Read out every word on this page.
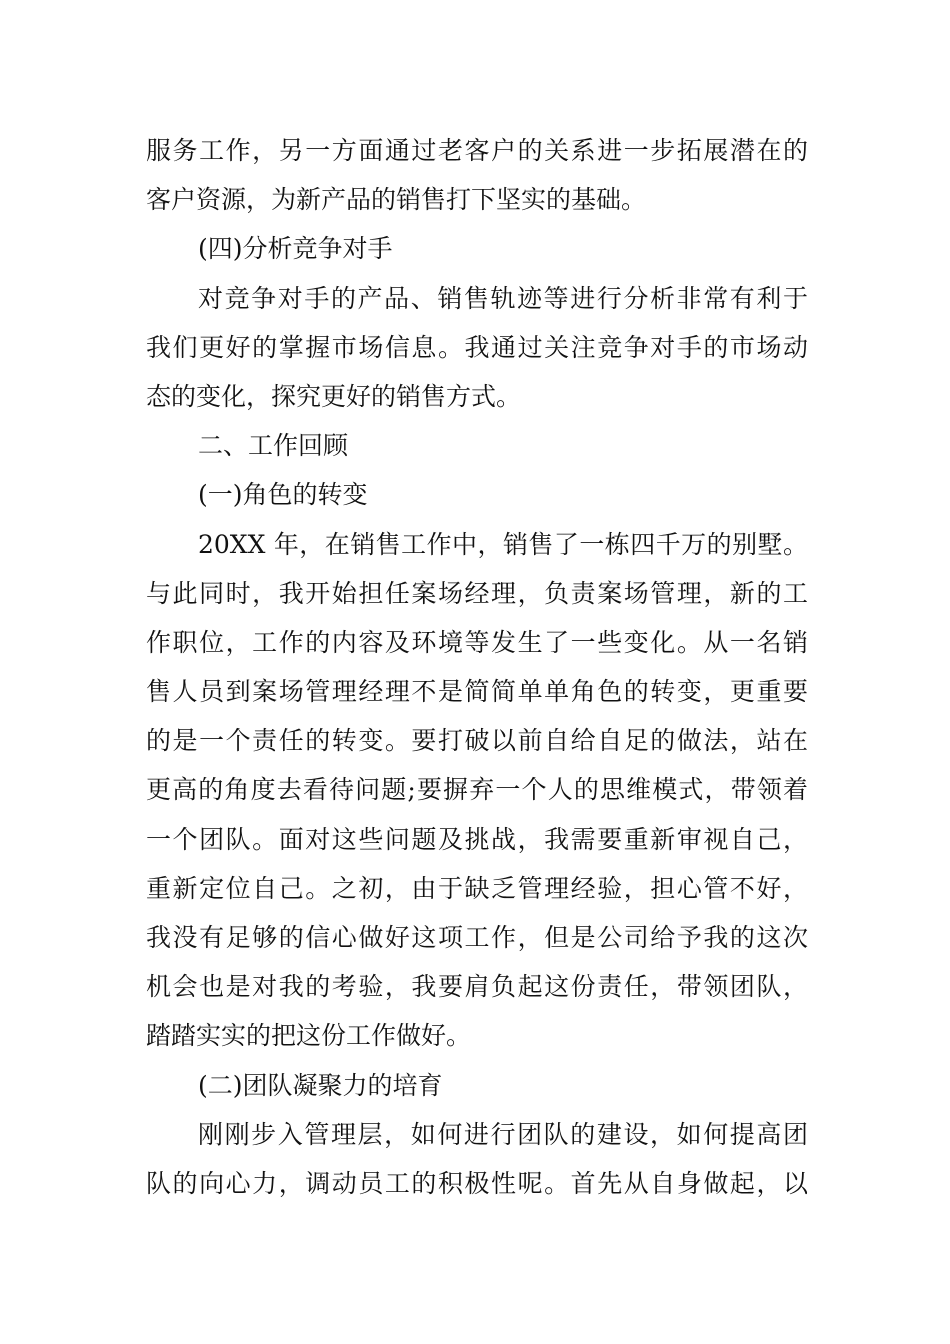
服务工作，另一方面通过老客户的关系进一步拓展潜在的
客户资源，为新产品的销售打下坚实的基础。
(四)分析竞争对手
对竞争对手的产品、销售轨迹等进行分析非常有利于
我们更好的掌握市场信息。我通过关注竞争对手的市场动
态的变化，探究更好的销售方式。
二、工作回顾
(一)角色的转变
20XX 年，在销售工作中，销售了一栋四千万的别墅。
与此同时，我开始担任案场经理，负责案场管理，新的工
作职位，工作的内容及环境等发生了一些变化。从一名销
售人员到案场管理经理不是简简单单角色的转变，更重要
的是一个责任的转变。要打破以前自给自足的做法，站在
更高的角度去看待问题;要摒弃一个人的思维模式，带领着
一个团队。面对这些问题及挑战，我需要重新审视自己，
重新定位自己。之初，由于缺乏管理经验，担心管不好，
我没有足够的信心做好这项工作，但是公司给予我的这次
机会也是对我的考验，我要肩负起这份责任，带领团队，
踏踏实实的把这份工作做好。
(二)团队凝聚力的培育
刚刚步入管理层，如何进行团队的建设，如何提高团
队的向心力，调动员工的积极性呢。首先从自身做起，以
